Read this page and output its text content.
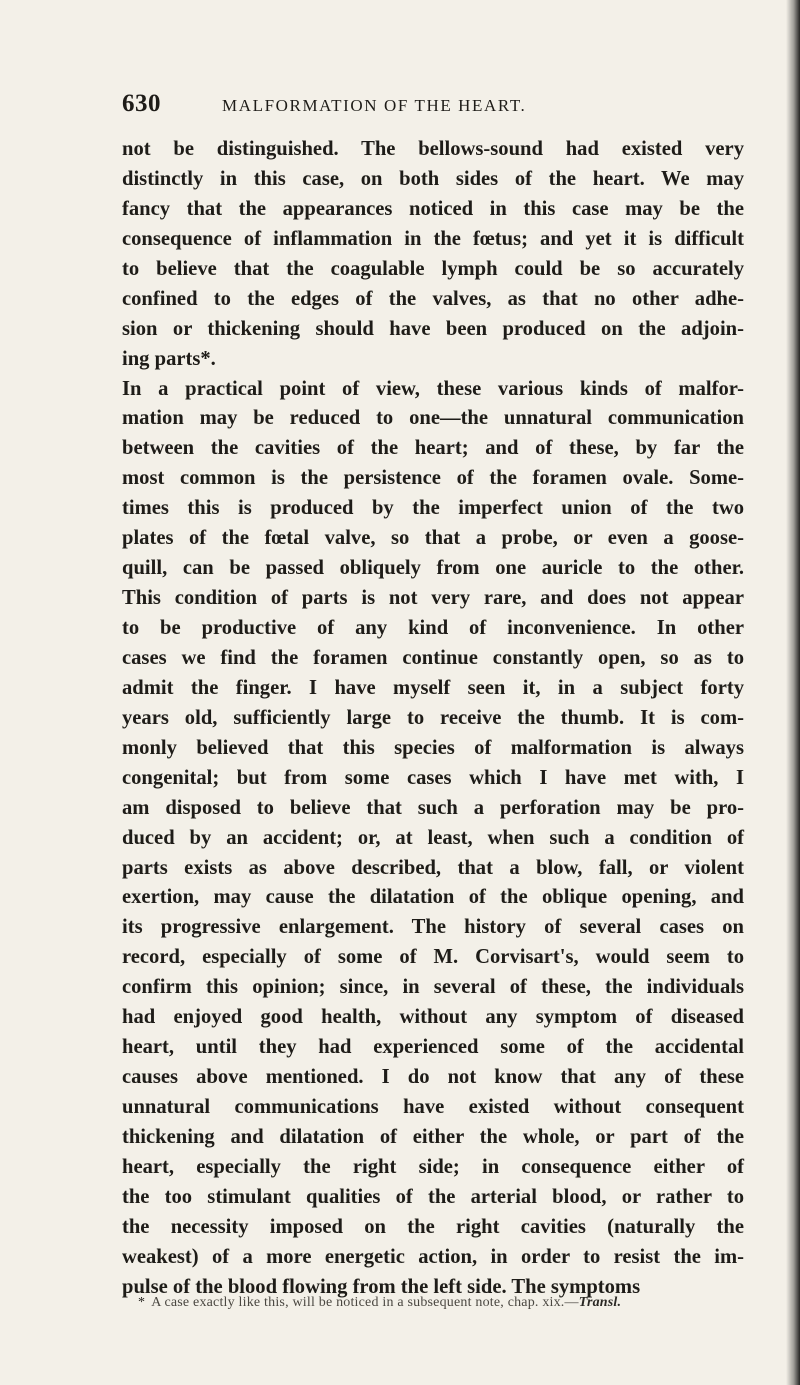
630	MALFORMATION OF THE HEART.
not be distinguished. The bellows-sound had existed very
distinctly in this case, on both sides of the heart. We may
fancy that the appearances noticed in this case may be the
consequence of inflammation in the fœtus; and yet it is difficult
to believe that the coagulable lymph could be so accurately
confined to the edges of the valves, as that no other adhe-
sion or thickening should have been produced on the adjoin-
ing parts*.
In a practical point of view, these various kinds of malfor-
mation may be reduced to one—the unnatural communication
between the cavities of the heart; and of these, by far the
most common is the persistence of the foramen ovale. Some-
times this is produced by the imperfect union of the two
plates of the fœtal valve, so that a probe, or even a goose-
quill, can be passed obliquely from one auricle to the other.
This condition of parts is not very rare, and does not appear
to be productive of any kind of inconvenience. In other
cases we find the foramen continue constantly open, so as to
admit the finger. I have myself seen it, in a subject forty
years old, sufficiently large to receive the thumb. It is com-
monly believed that this species of malformation is always
congenital; but from some cases which I have met with, I
am disposed to believe that such a perforation may be pro-
duced by an accident; or, at least, when such a condition of
parts exists as above described, that a blow, fall, or violent
exertion, may cause the dilatation of the oblique opening, and
its progressive enlargement. The history of several cases on
record, especially of some of M. Corvisart's, would seem to
confirm this opinion; since, in several of these, the individuals
had enjoyed good health, without any symptom of diseased
heart, until they had experienced some of the accidental
causes above mentioned. I do not know that any of these
unnatural communications have existed without consequent
thickening and dilatation of either the whole, or part of the
heart, especially the right side; in consequence either of
the too stimulant qualities of the arterial blood, or rather to
the necessity imposed on the right cavities (naturally the
weakest) of a more energetic action, in order to resist the im-
pulse of the blood flowing from the left side. The symptoms
* A case exactly like this, will be noticed in a subsequent note, chap. xix.—Transl.
